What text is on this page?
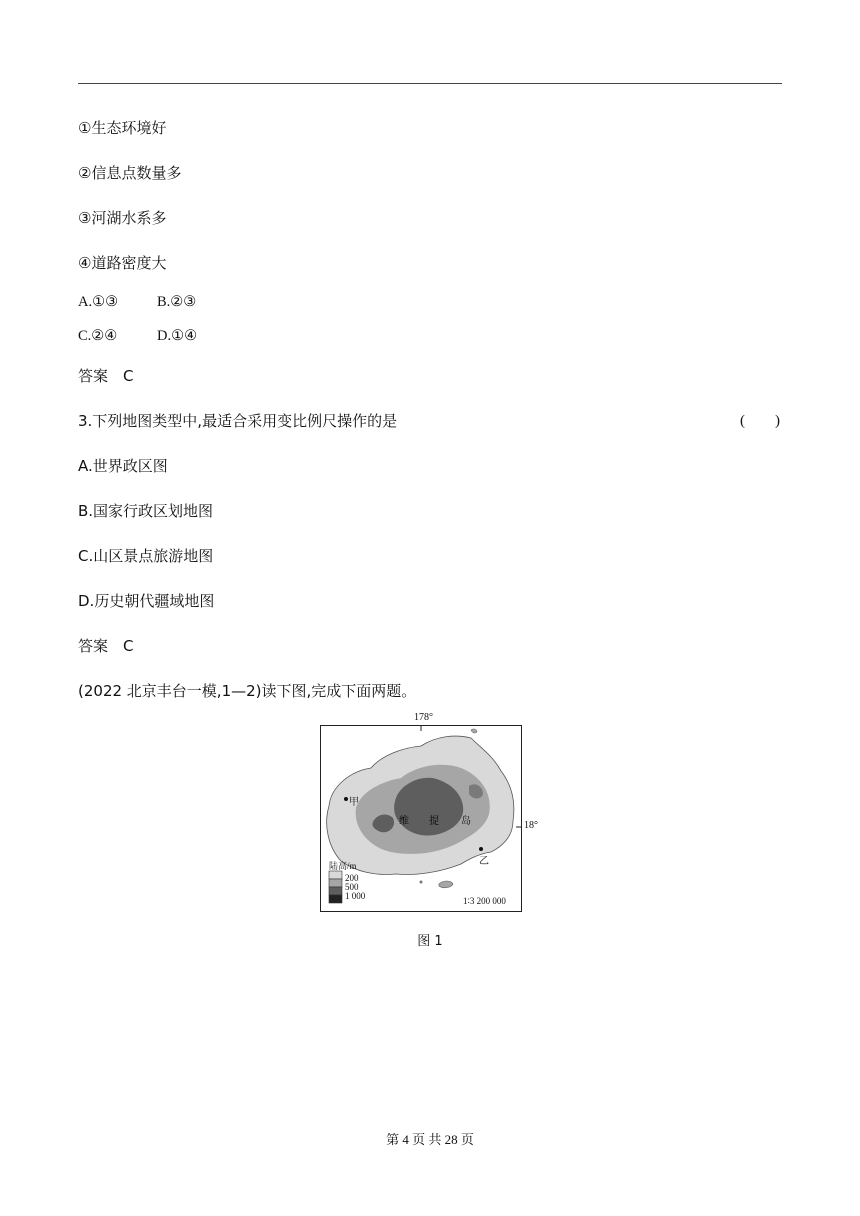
①生态环境好
②信息点数量多
③河湖水系多
④道路密度大
A.①③	B.②③
C.②④	D.①④
答案　C
3.下列地图类型中,最适合采用变比例尺操作的是	(　　)
A.世界政区图
B.国家行政区划地图
C.山区景点旅游地图
D.历史朝代疆域地图
答案　C
(2022 北京丰台一模,1—2)读下图,完成下面两题。
178°
18°
甲
乙
维 提 岛
陆高/m
200
500
1 000	1∶3 200 000
图 1
第 4 页 共 28 页
